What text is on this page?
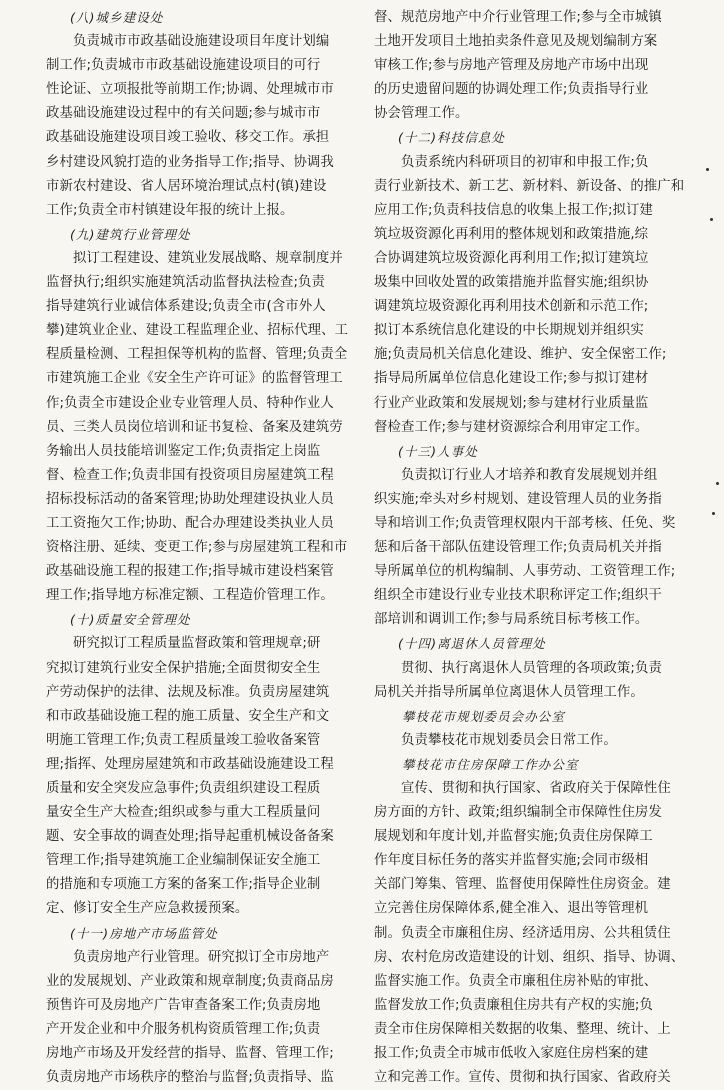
(八)城乡建设处
负责城市市政基础设施建设项目年度计划编
制工作;负责城市市政基础设施建设项目的可行
性论证、立项报批等前期工作;协调、处理城市市
政基础设施建设过程中的有关问题;参与城市市
政基础设施建设项目竣工验收、移交工作。承担
乡村建设风貌打造的业务指导工作;指导、协调我
市新农村建设、省人居环境治理试点村(镇)建设
工作;负责全市村镇建设年报的统计上报。
(九)建筑行业管理处
拟订工程建设、建筑业发展战略、规章制度并
监督执行;组织实施建筑活动监督执法检查;负责
指导建筑行业诚信体系建设;负责全市(含市外人
攀)建筑业企业、建设工程监理企业、招标代理、工
程质量检测、工程担保等机构的监督、管理;负责全
市建筑施工企业《安全生产许可证》的监督管理工
作;负责全市建设企业专业管理人员、特种作业人
员、三类人员岗位培训和证书复检、备案及建筑劳
务输出人员技能培训鉴定工作;负责指定上岗监
督、检查工作;负责非国有投资项目房屋建筑工程
招标投标活动的备案管理;协助处理建设执业人员
工工资拖欠工作;协助、配合办理建设类执业人员
资格注册、延续、变更工作;参与房屋建筑工程和市
政基础设施工程的报建工作;指导城市建设档案管
理工作;指导地方标准定额、工程造价管理工作。
(十)质量安全管理处
研究拟订工程质量监督政策和管理规章;研
究拟订建筑行业安全保护措施;全面贯彻安全生
产劳动保护的法律、法规及标准。负责房屋建筑
和市政基础设施工程的施工质量、安全生产和文
明施工管理工作;负责工程质量竣工验收备案管
理;指挥、处理房屋建筑和市政基础设施建设工程
质量和安全突发应急事件;负责组织建设工程质
量安全生产大检查;组织或参与重大工程质量问
题、安全事故的调查处理;指导起重机械设备备案
管理工作;指导建筑施工企业编制保证安全施工
的措施和专项施工方案的备案工作;指导企业制
定、修订安全生产应急救援预案。
(十一)房地产市场监管处
负责房地产行业管理。研究拟订全市房地产
业的发展规划、产业政策和规章制度;负责商品房
预售许可及房地产广告审查备案工作;负责房地
产开发企业和中介服务机构资质管理工作;负责
房地产市场及开发经营的指导、监督、管理工作;
负责房地产市场秩序的整治与监督;负责指导、监
督、规范房地产中介行业管理工作;参与全市城镇
土地开发项目土地拍卖条件意见及规划编制方案
审核工作;参与房地产管理及房地产市场中出现
的历史遗留问题的协调处理工作;负责指导行业
协会管理工作。
(十二)科技信息处
负责系统内科研项目的初审和申报工作;负
责行业新技术、新工艺、新材料、新设备、的推广和
应用工作;负责科技信息的收集上报工作;拟订建
筑垃圾资源化再利用的整体规划和政策措施,综
合协调建筑垃圾资源化再利用工作;拟订建筑垃
圾集中回收处置的政策措施并监督实施;组织协
调建筑垃圾资源化再利用技术创新和示范工作;
拟订本系统信息化建设的中长期规划并组织实
施;负责局机关信息化建设、维护、安全保密工作;
指导局所属单位信息化建设工作;参与拟订建材
行业产业政策和发展规划;参与建材行业质量监
督检查工作;参与建材资源综合利用审定工作。
(十三)人事处
负责拟订行业人才培养和教育发展规划并组
织实施;牵头对乡村规划、建设管理人员的业务指
导和培训工作;负责管理权限内干部考核、任免、奖
惩和后备干部队伍建设管理工作;负责局机关并指
导所属单位的机构编制、人事劳动、工资管理工作;
组织全市建设行业专业技术职称评定工作;组织干
部培训和调训工作;参与局系统目标考核工作。
(十四)离退休人员管理处
贯彻、执行离退休人员管理的各项政策;负责
局机关并指导所属单位离退休人员管理工作。
攀枝花市规划委员会办公室
负责攀枝花市规划委员会日常工作。
攀枝花市住房保障工作办公室
宣传、贯彻和执行国家、省政府关于保障性住
房方面的方针、政策;组织编制全市保障性住房发
展规划和年度计划,并监督实施;负责住房保障工
作年度目标任务的落实并监督实施;会同市级相
关部门筹集、管理、监督使用保障性住房资金。建
立完善住房保障体系,健全准入、退出等管理机
制。负责全市廉租住房、经济适用房、公共租赁住
房、农村危房改造建设的计划、组织、指导、协调、
监督实施工作。负责全市廉租住房补贴的审批、
监督发放工作;负责廉租住房共有产权的实施;负
责全市住房保障相关数据的收集、整理、统计、上
报工作;负责全市城市低收入家庭住房档案的建
立和完善工作。宣传、贯彻和执行国家、省政府关
